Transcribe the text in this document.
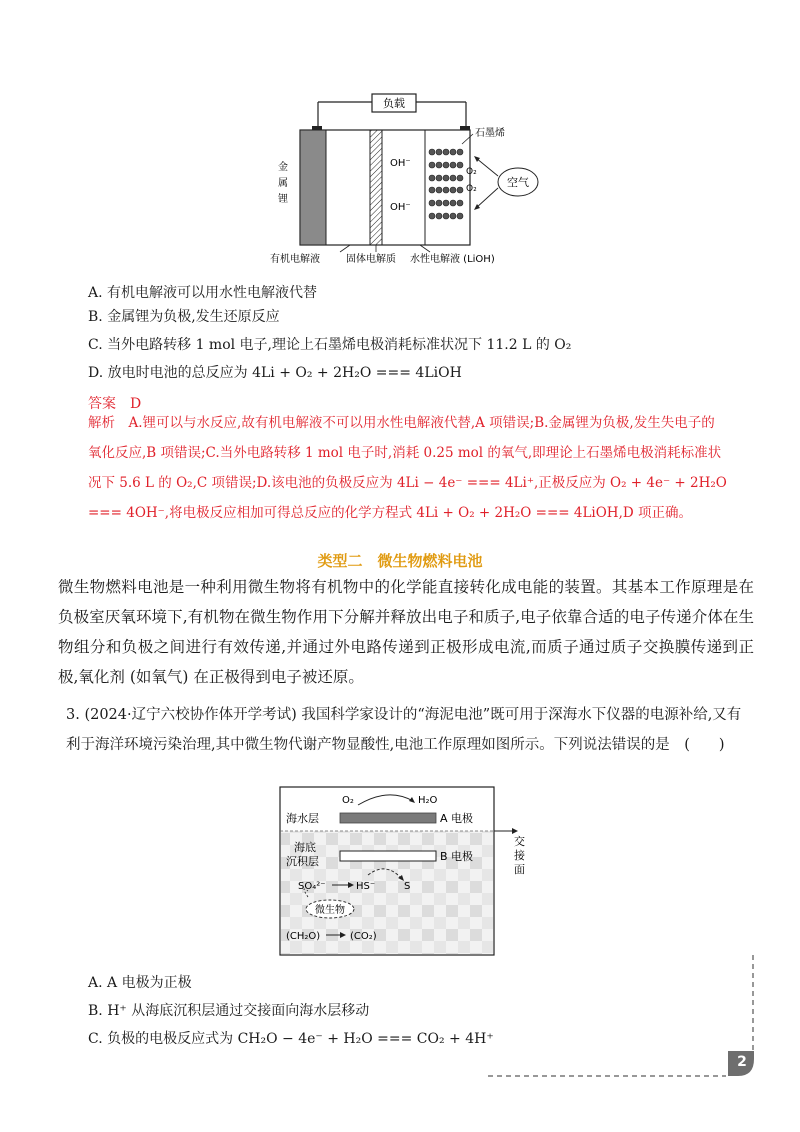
负载
石墨烯
金
属
锂
OH⁻
OH⁻
O₂
O₂	空气
有机电解液	固体电解质 水性电解液 (LiOH)
A. 有机电解液可以用水性电解液代替
B. 金属锂为负极,发生还原反应
C. 当外电路转移 1 mol 电子,理论上石墨烯电极消耗标准状况下 11.2 L 的 O₂
D. 放电时电池的总反应为 4Li + O₂ + 2H₂O === 4LiOH
答案　D
解析　A.锂可以与水反应,故有机电解液不可以用水性电解液代替,A 项错误;B.金属锂为负极,发生失电子的氧化反应,B 项错误;C.当外电路转移 1 mol 电子时,消耗 0.25 mol 的氧气,即理论上石墨烯电极消耗标准状况下 5.6 L 的 O₂,C 项错误;D.该电池的负极反应为 4Li − 4e⁻ === 4Li⁺,正极反应为 O₂ + 4e⁻ + 2H₂O === 4OH⁻,将电极反应相加可得总反应的化学方程式 4Li + O₂ + 2H₂O === 4LiOH,D 项正确。
类型二　微生物燃料电池
微生物燃料电池是一种利用微生物将有机物中的化学能直接转化成电能的装置。其基本工作原理是在负极室厌氧环境下,有机物在微生物作用下分解并释放出电子和质子,电子依靠合适的电子传递介体在生物组分和负极之间进行有效传递,并通过外电路传递到正极形成电流,而质子通过质子交换膜传递到正极,氧化剂 (如氧气) 在正极得到电子被还原。
3. (2024·辽宁六校协作体开学考试) 我国科学家设计的“海泥电池”既可用于深海水下仪器的电源补给,又有利于海洋环境污染治理,其中微生物代谢产物显酸性,电池工作原理如图所示。下列说法错误的是　(　　)
O₂	H₂O
海水层	A 电极
海底
沉积层	B 电极
交
接
面
SO₄²⁻	HS⁻	S
微生物
(CH₂O)	(CO₂)
A. A 电极为正极
B. H⁺ 从海底沉积层通过交接面向海水层移动
C. 负极的电极反应式为 CH₂O − 4e⁻ + H₂O === CO₂ + 4H⁺
2
